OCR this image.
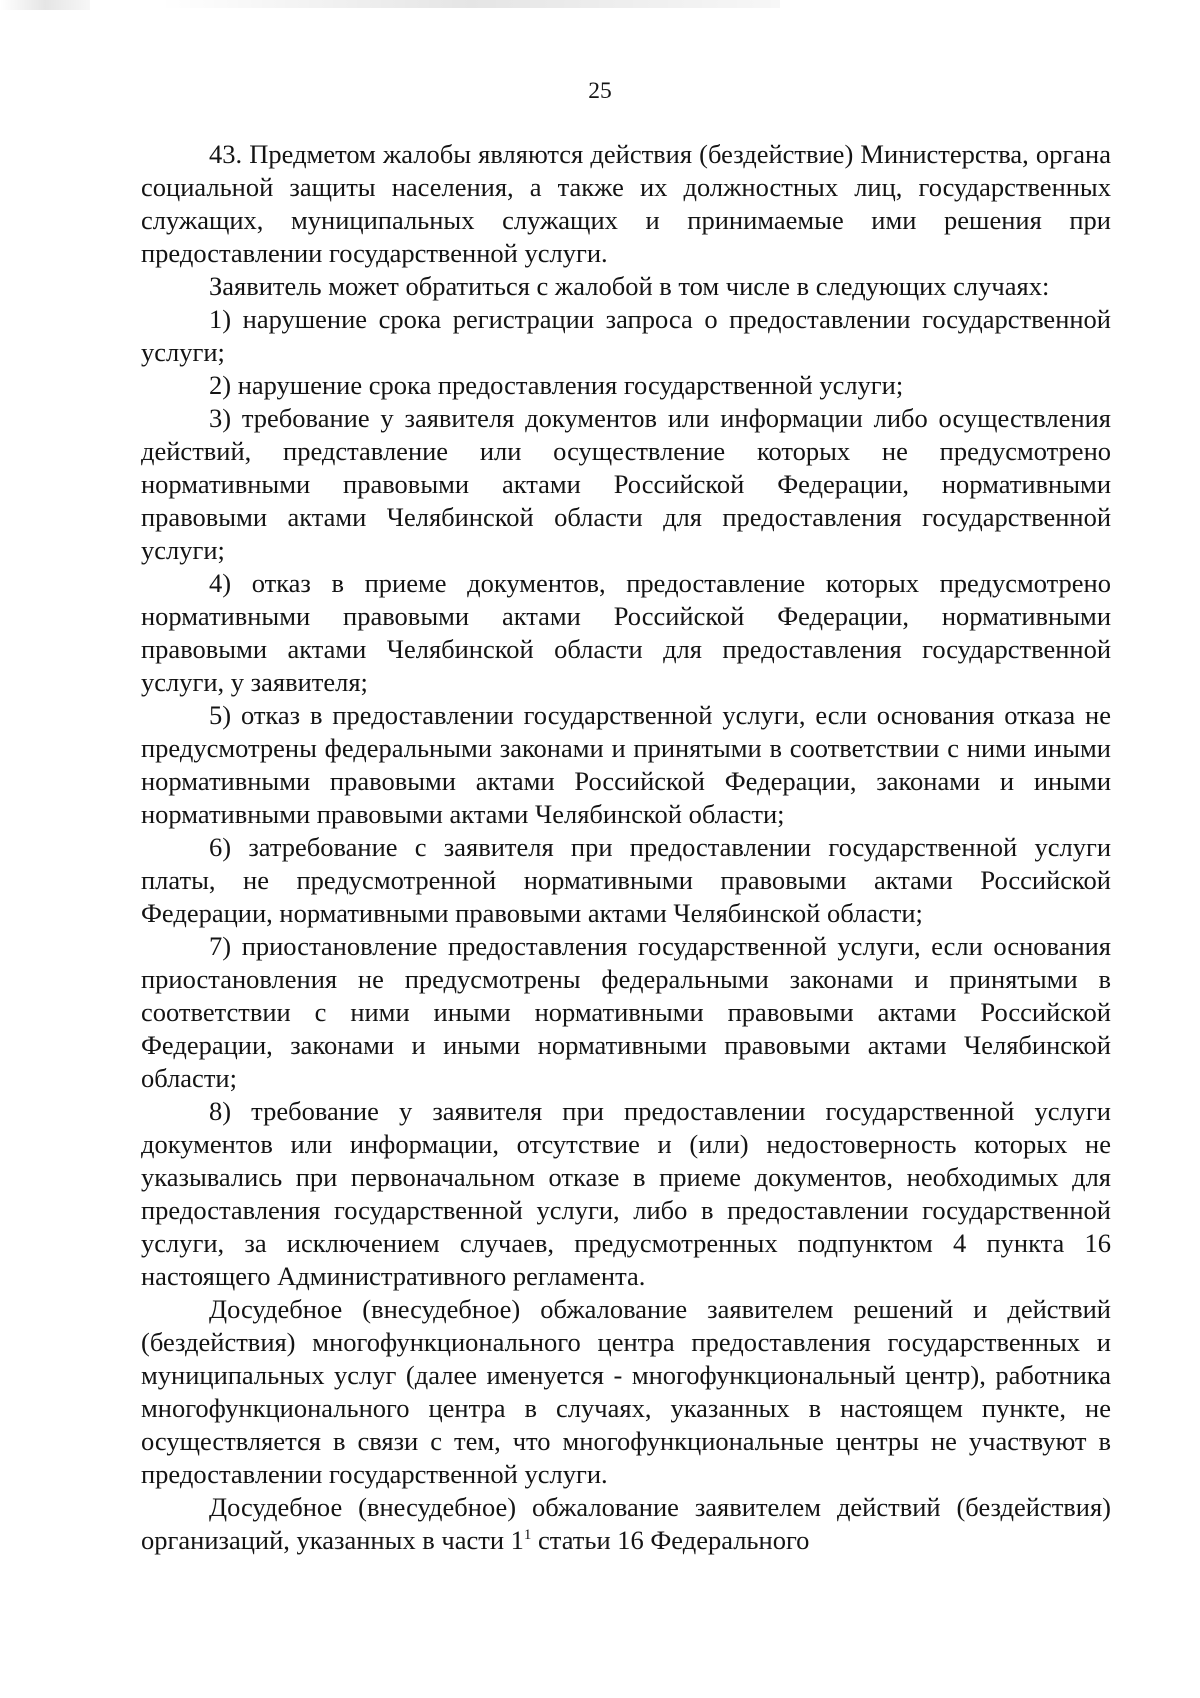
25

43. Предметом жалобы являются действия (бездействие) Министерства, органа социальной защиты населения, а также их должностных лиц, государственных служащих, муниципальных служащих и принимаемые ими решения при предоставлении государственной услуги.

Заявитель может обратиться с жалобой в том числе в следующих случаях:

1) нарушение срока регистрации запроса о предоставлении государственной услуги;

2) нарушение срока предоставления государственной услуги;

3) требование у заявителя документов или информации либо осуществления действий, представление или осуществление которых не предусмотрено нормативными правовыми актами Российской Федерации, нормативными правовыми актами Челябинской области для предоставления государственной услуги;

4) отказ в приеме документов, предоставление которых предусмотрено нормативными правовыми актами Российской Федерации, нормативными правовыми актами Челябинской области для предоставления государственной услуги, у заявителя;

5) отказ в предоставлении государственной услуги, если основания отказа не предусмотрены федеральными законами и принятыми в соответствии с ними иными нормативными правовыми актами Российской Федерации, законами и иными нормативными правовыми актами Челябинской области;

6) затребование с заявителя при предоставлении государственной услуги платы, не предусмотренной нормативными правовыми актами Российской Федерации, нормативными правовыми актами Челябинской области;

7) приостановление предоставления государственной услуги, если основания приостановления не предусмотрены федеральными законами и принятыми в соответствии с ними иными нормативными правовыми актами Российской Федерации, законами и иными нормативными правовыми актами Челябинской области;

8) требование у заявителя при предоставлении государственной услуги документов или информации, отсутствие и (или) недостоверность которых не указывались при первоначальном отказе в приеме документов, необходимых для предоставления государственной услуги, либо в предоставлении государственной услуги, за исключением случаев, предусмотренных подпунктом 4 пункта 16 настоящего Административного регламента.

Досудебное (внесудебное) обжалование заявителем решений и действий (бездействия) многофункционального центра предоставления государственных и муниципальных услуг (далее именуется - многофункциональный центр), работника многофункционального центра в случаях, указанных в настоящем пункте, не осуществляется в связи с тем, что многофункциональные центры не участвуют в предоставлении государственной услуги.

Досудебное (внесудебное) обжалование заявителем действий (бездействия) организаций, указанных в части $1^1$ статьи 16 Федерального
